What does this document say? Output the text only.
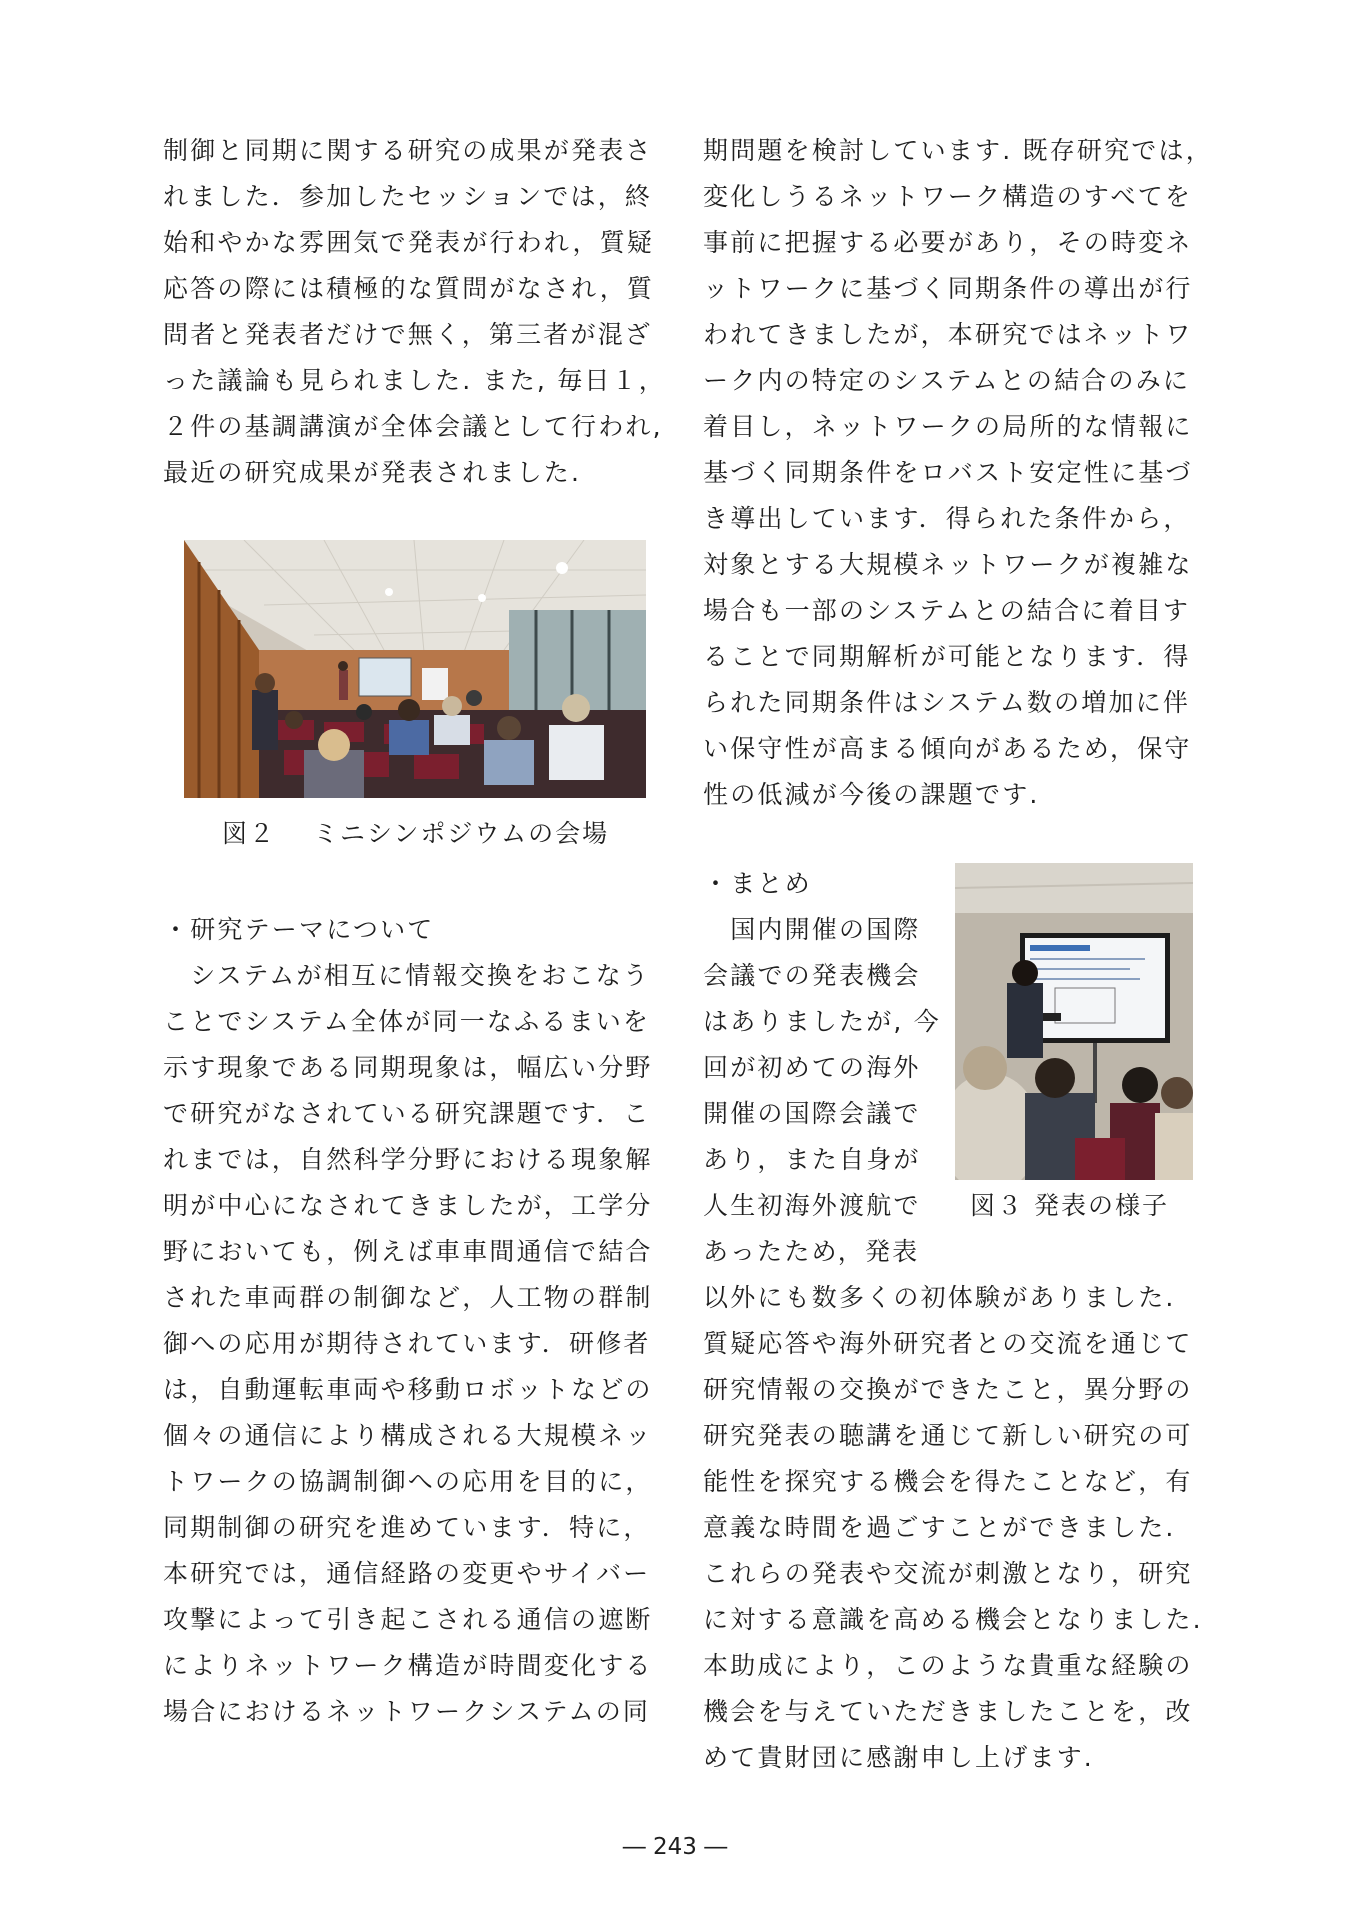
制御と同期に関する研究の成果が発表さ
れました．参加したセッションでは，終
始和やかな雰囲気で発表が行われ，質疑
応答の際には積極的な質問がなされ，質
問者と発表者だけで無く，第三者が混ざ
った議論も見られました. また, 毎日１，
２件の基調講演が全体会議として行われ,
最近の研究成果が発表されました.
・研究テーマについて
　システムが相互に情報交換をおこなう
ことでシステム全体が同一なふるまいを
示す現象である同期現象は，幅広い分野
で研究がなされている研究課題です．こ
れまでは，自然科学分野における現象解
明が中心になされてきましたが，工学分
野においても，例えば車車間通信で結合
された車両群の制御など，人工物の群制
御への応用が期待されています．研修者
は，自動運転車両や移動ロボットなどの
個々の通信により構成される大規模ネッ
トワークの協調制御への応用を目的に，
同期制御の研究を進めています．特に，
本研究では，通信経路の変更やサイバー
攻撃によって引き起こされる通信の遮断
によりネットワーク構造が時間変化する
場合におけるネットワークシステムの同
図２　 ミニシンポジウムの会場
期問題を検討しています. 既存研究では，
変化しうるネットワーク構造のすべてを
事前に把握する必要があり，その時変ネ
ットワークに基づく同期条件の導出が行
われてきましたが，本研究ではネットワ
ーク内の特定のシステムとの結合のみに
着目し，ネットワークの局所的な情報に
基づく同期条件をロバスト安定性に基づ
き導出しています．得られた条件から，
対象とする大規模ネットワークが複雑な
場合も一部のシステムとの結合に着目す
ることで同期解析が可能となります．得
られた同期条件はシステム数の増加に伴
い保守性が高まる傾向があるため，保守
性の低減が今後の課題です.
・まとめ
　国内開催の国際
会議での発表機会
はありましたが, 今
回が初めての海外
開催の国際会議で
あり，また自身が
人生初海外渡航で
あったため，発表
以外にも数多くの初体験がありました.
質疑応答や海外研究者との交流を通じて
研究情報の交換ができたこと，異分野の
研究発表の聴講を通じて新しい研究の可
能性を探究する機会を得たことなど，有
意義な時間を過ごすことができました.
これらの発表や交流が刺激となり，研究
に対する意識を高める機会となりました.
本助成により，このような貴重な経験の
機会を与えていただきましたことを，改
めて貴財団に感謝申し上げます.
図３ 発表の様子
― 243 ―
